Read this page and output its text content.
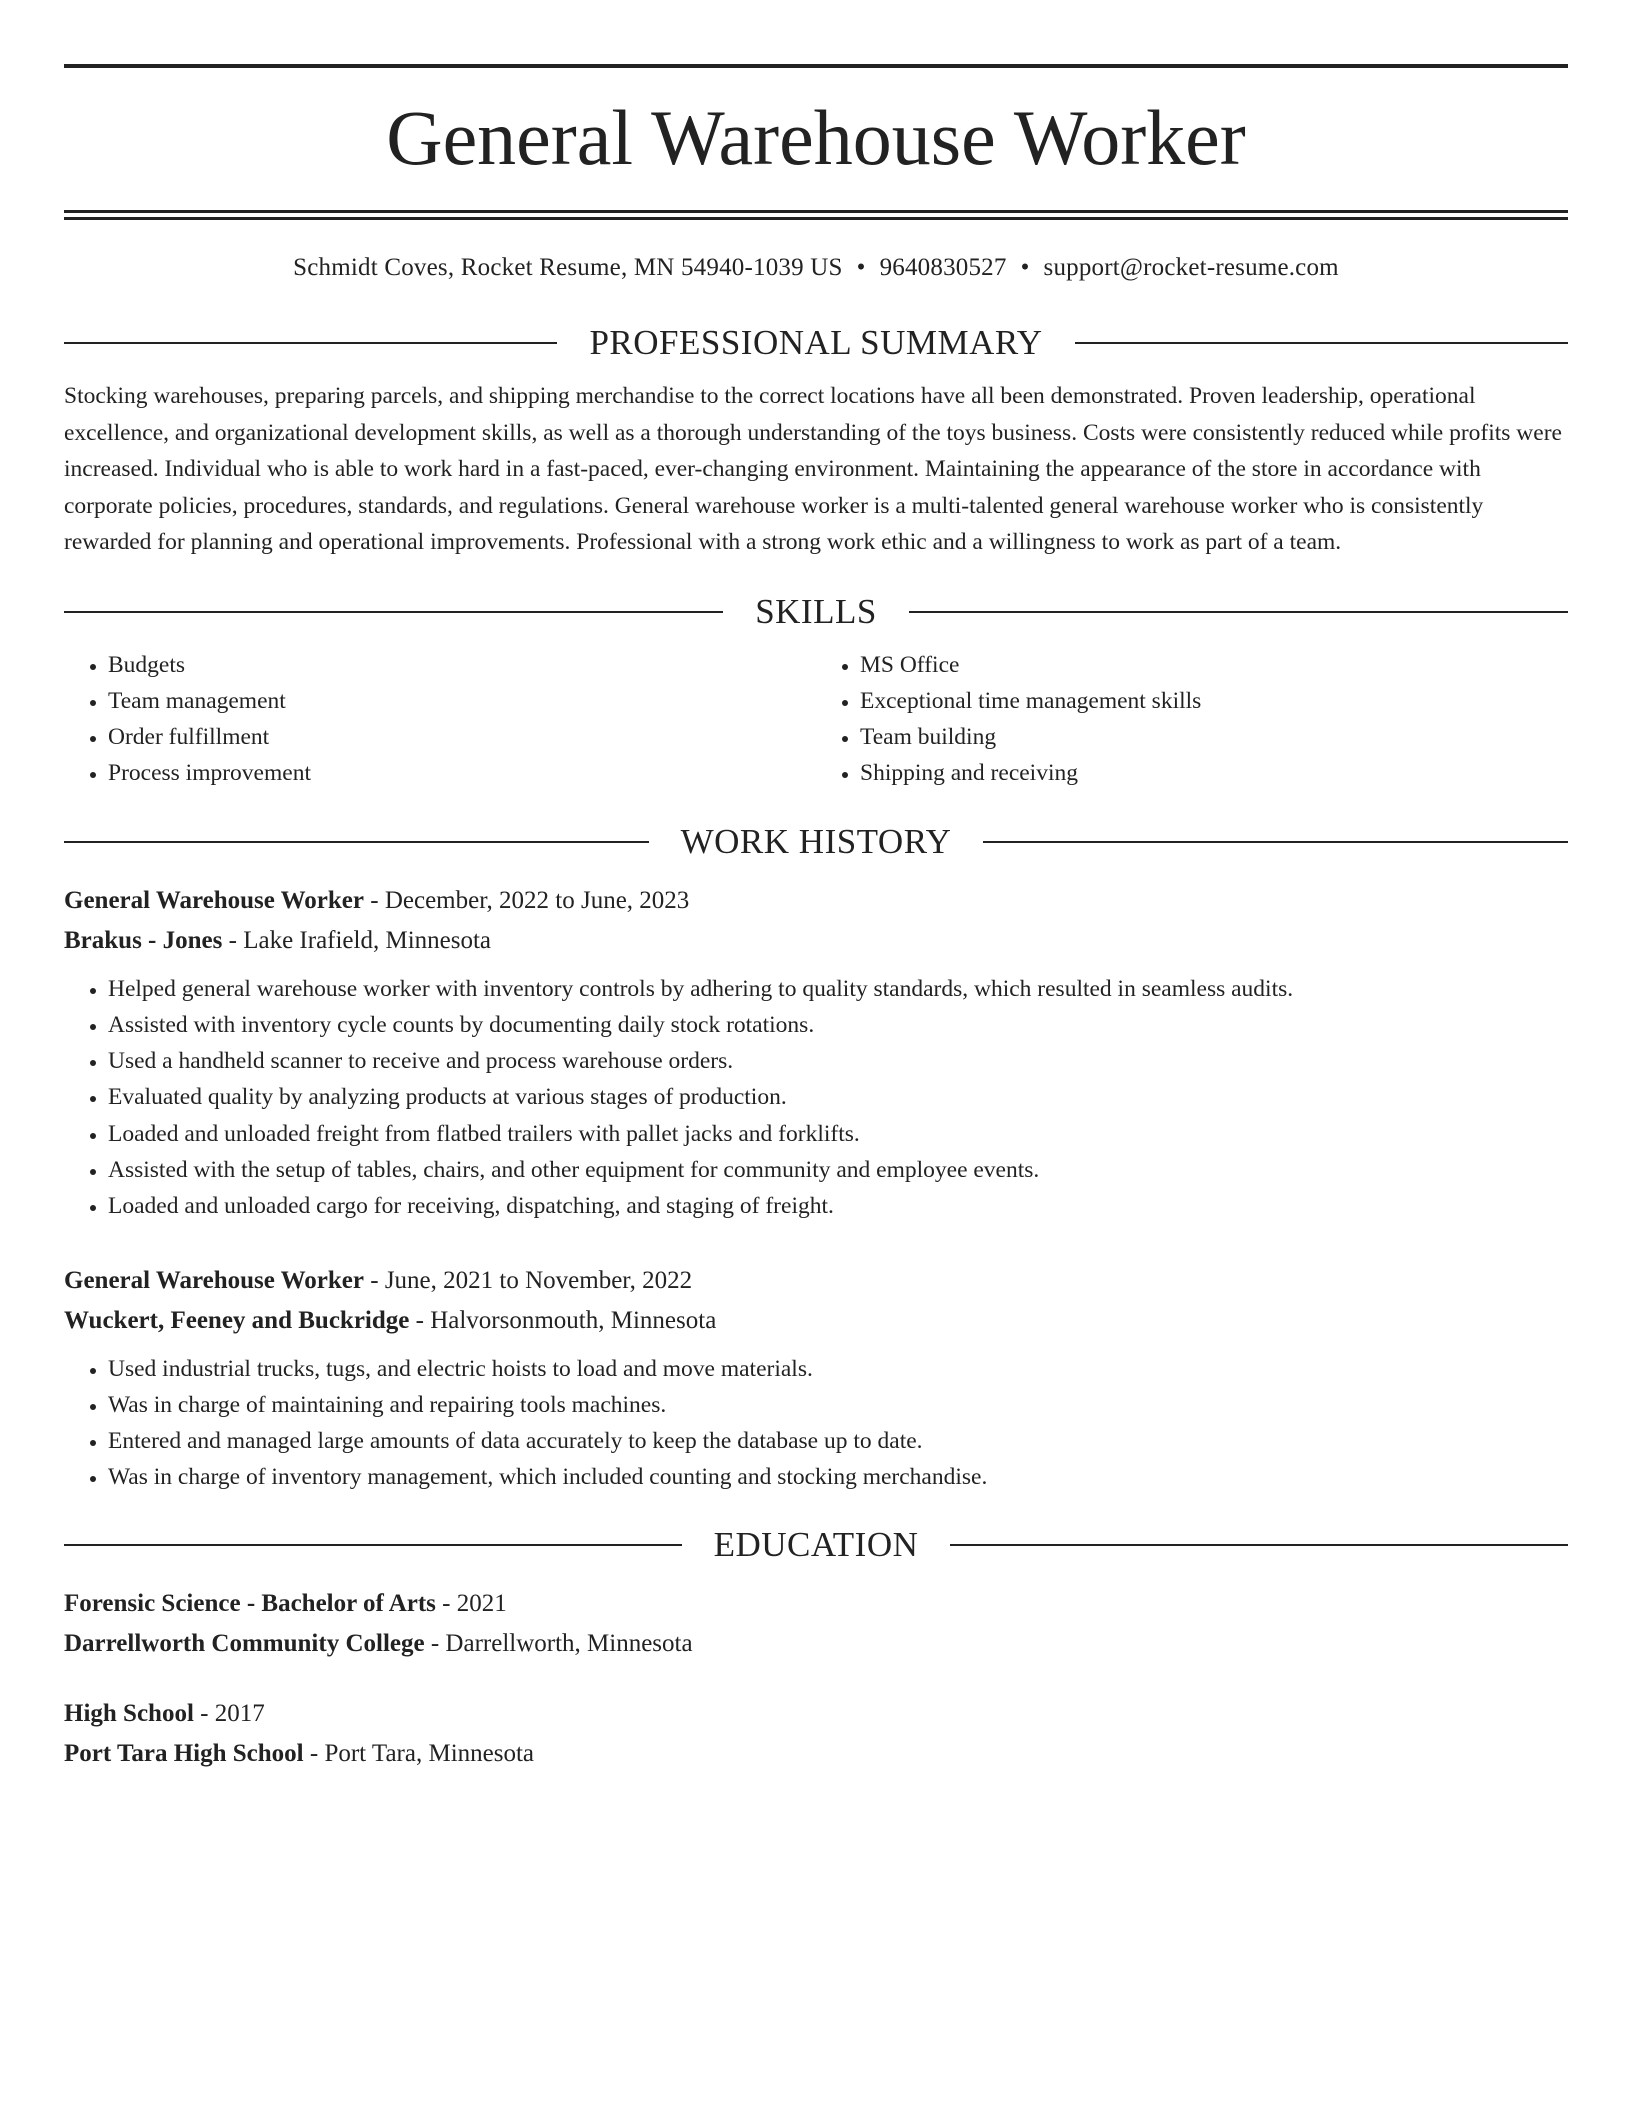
General Warehouse Worker
Schmidt Coves, Rocket Resume, MN 54940-1039 US • 9640830527 • support@rocket-resume.com
PROFESSIONAL SUMMARY
Stocking warehouses, preparing parcels, and shipping merchandise to the correct locations have all been demonstrated. Proven leadership, operational excellence, and organizational development skills, as well as a thorough understanding of the toys business. Costs were consistently reduced while profits were increased. Individual who is able to work hard in a fast-paced, ever-changing environment. Maintaining the appearance of the store in accordance with corporate policies, procedures, standards, and regulations. General warehouse worker is a multi-talented general warehouse worker who is consistently rewarded for planning and operational improvements. Professional with a strong work ethic and a willingness to work as part of a team.
SKILLS
• Budgets
• Team management
• Order fulfillment
• Process improvement
• MS Office
• Exceptional time management skills
• Team building
• Shipping and receiving
WORK HISTORY
General Warehouse Worker - December, 2022 to June, 2023
Brakus - Jones - Lake Irafield, Minnesota
• Helped general warehouse worker with inventory controls by adhering to quality standards, which resulted in seamless audits.
• Assisted with inventory cycle counts by documenting daily stock rotations.
• Used a handheld scanner to receive and process warehouse orders.
• Evaluated quality by analyzing products at various stages of production.
• Loaded and unloaded freight from flatbed trailers with pallet jacks and forklifts.
• Assisted with the setup of tables, chairs, and other equipment for community and employee events.
• Loaded and unloaded cargo for receiving, dispatching, and staging of freight.
General Warehouse Worker - June, 2021 to November, 2022
Wuckert, Feeney and Buckridge - Halvorsonmouth, Minnesota
• Used industrial trucks, tugs, and electric hoists to load and move materials.
• Was in charge of maintaining and repairing tools machines.
• Entered and managed large amounts of data accurately to keep the database up to date.
• Was in charge of inventory management, which included counting and stocking merchandise.
EDUCATION
Forensic Science - Bachelor of Arts - 2021
Darrellworth Community College - Darrellworth, Minnesota
High School - 2017
Port Tara High School - Port Tara, Minnesota
